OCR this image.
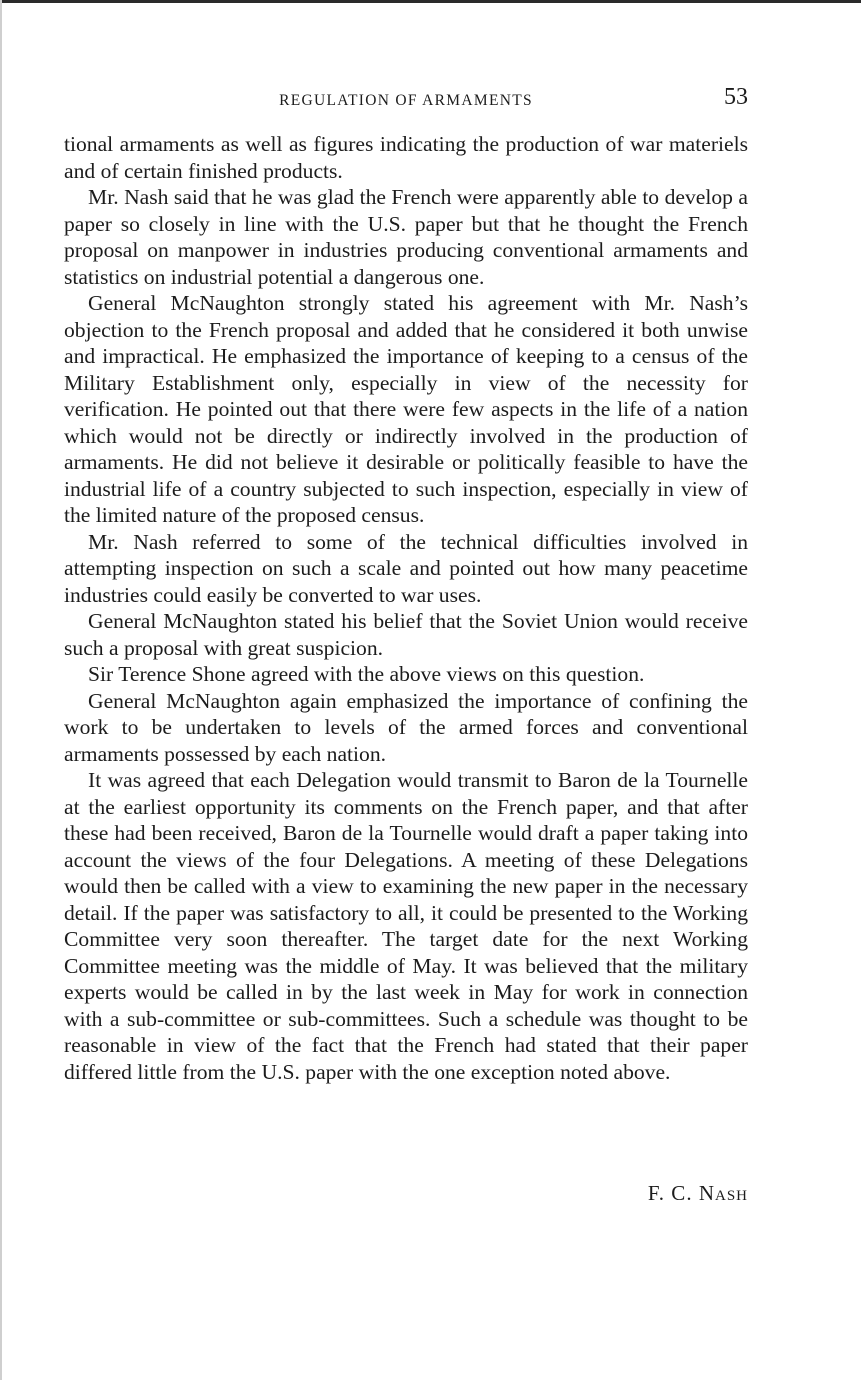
REGULATION OF ARMAMENTS	53

tional armaments as well as figures indicating the production of war materiels and of certain finished products.

Mr. Nash said that he was glad the French were apparently able to develop a paper so closely in line with the U.S. paper but that he thought the French proposal on manpower in industries producing conventional armaments and statistics on industrial potential a dangerous one.

General McNaughton strongly stated his agreement with Mr. Nash’s objection to the French proposal and added that he considered it both unwise and impractical. He emphasized the importance of keeping to a census of the Military Establishment only, especially in view of the necessity for verification. He pointed out that there were few aspects in the life of a nation which would not be directly or indirectly involved in the production of armaments. He did not believe it desirable or politically feasible to have the industrial life of a country subjected to such inspection, especially in view of the limited nature of the proposed census.

Mr. Nash referred to some of the technical difficulties involved in attempting inspection on such a scale and pointed out how many peacetime industries could easily be converted to war uses.

General McNaughton stated his belief that the Soviet Union would receive such a proposal with great suspicion.

Sir Terence Shone agreed with the above views on this question.

General McNaughton again emphasized the importance of confining the work to be undertaken to levels of the armed forces and conventional armaments possessed by each nation.

It was agreed that each Delegation would transmit to Baron de la Tournelle at the earliest opportunity its comments on the French paper, and that after these had been received, Baron de la Tournelle would draft a paper taking into account the views of the four Delegations. A meeting of these Delegations would then be called with a view to examining the new paper in the necessary detail. If the paper was satisfactory to all, it could be presented to the Working Committee very soon thereafter. The target date for the next Working Committee meeting was the middle of May. It was believed that the military experts would be called in by the last week in May for work in connection with a sub-committee or sub-committees. Such a schedule was thought to be reasonable in view of the fact that the French had stated that their paper differed little from the U.S. paper with the one exception noted above.

F. C. Nash
